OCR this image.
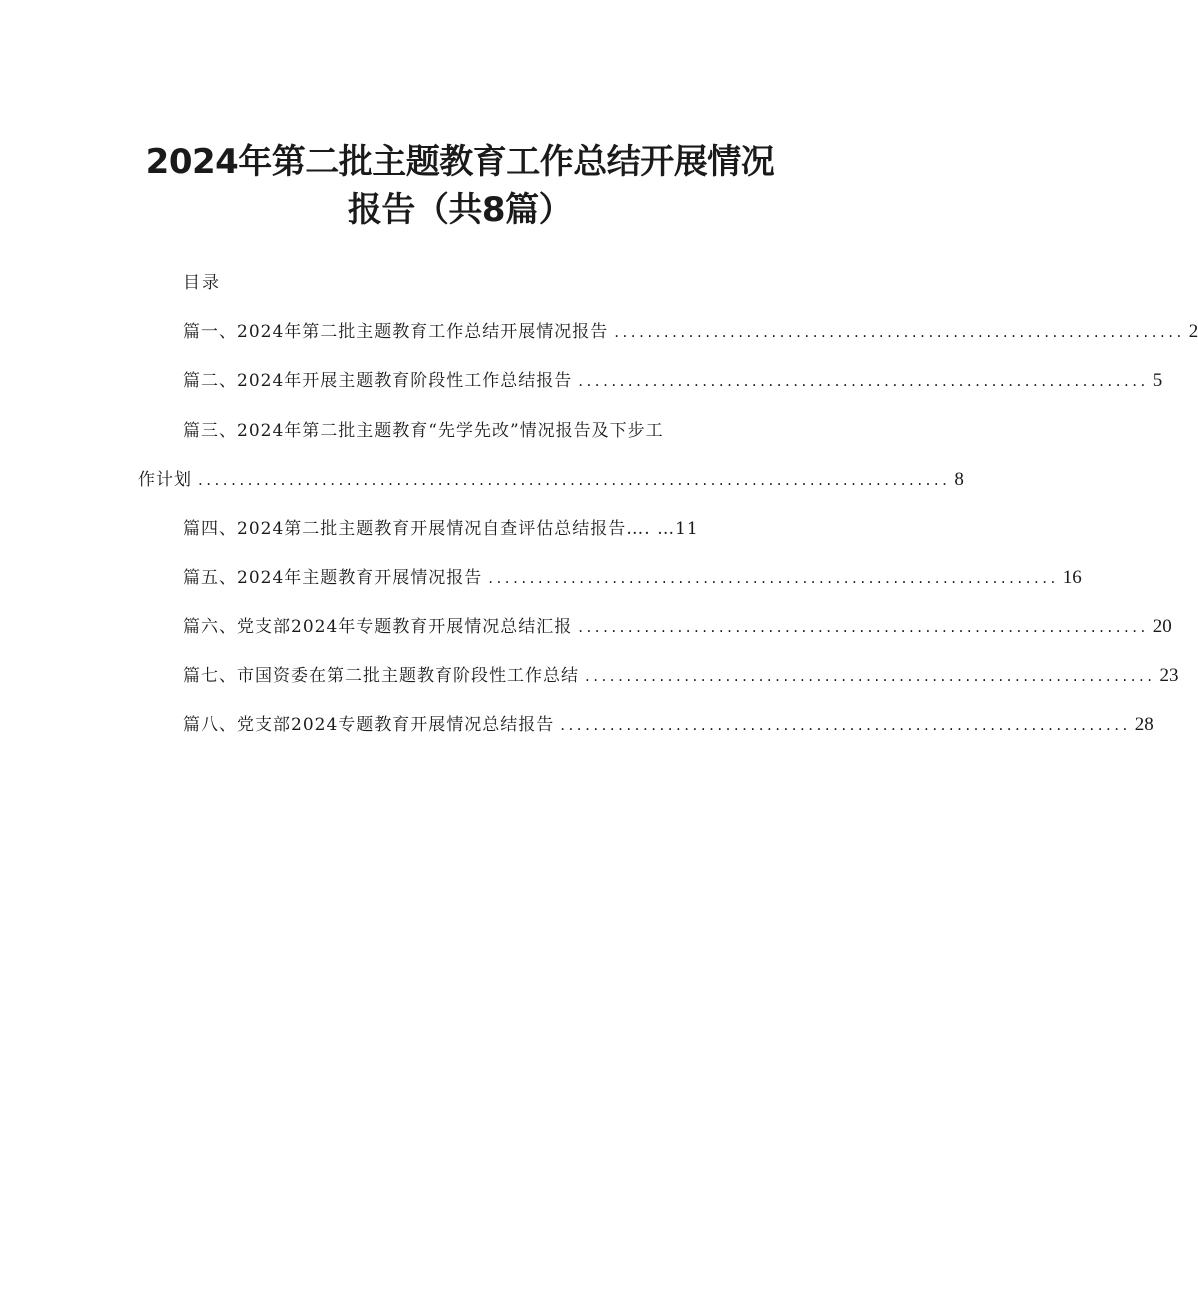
2024年第二批主题教育工作总结开展情况
报告（共8篇）
目录
篇一、2024年第二批主题教育工作总结开展情况报告 ..................................................................... 2
篇二、2024年开展主题教育阶段性工作总结报告 ..................................................................... 5
篇三、2024年第二批主题教育“先学先改”情况报告及下步工
作计划 ........................................................................................... 8
篇四、2024第二批主题教育开展情况自查评估总结报告…. …11
篇五、2024年主题教育开展情况报告 ..................................................................... 16
篇六、党支部2024年专题教育开展情况总结汇报 ..................................................................... 20
篇七、市国资委在第二批主题教育阶段性工作总结 ..................................................................... 23
篇八、党支部2024专题教育开展情况总结报告 ..................................................................... 28
